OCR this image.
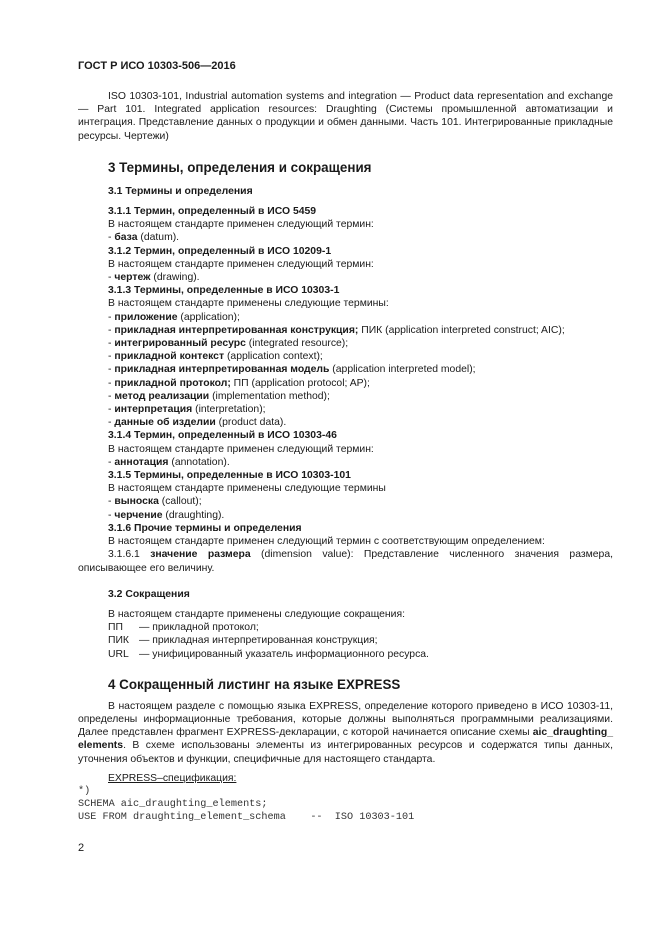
ГОСТ Р ИСО 10303-506—2016

ISO 10303-101, Industrial automation systems and integration — Product data representation and exchange — Part 101. Integrated application resources: Draughting (Системы промышленной автоматизации и интеграция. Представление данных о продукции и обмен данными. Часть 101. Интегрированные прикладные ресурсы. Чертежи)

3 Термины, определения и сокращения
3.1 Термины и определения
3.1.1 Термин, определенный в ИСО 5459
В настоящем стандарте применен следующий термин:
- база (datum).
3.1.2 Термин, определенный в ИСО 10209-1
В настоящем стандарте применен следующий термин:
- чертеж (drawing).
3.1.3 Термины, определенные в ИСО 10303-1
В настоящем стандарте применены следующие термины:
- приложение (application);
- прикладная интерпретированная конструкция; ПИК (application interpreted construct; AIC);
- интегрированный ресурс (integrated resource);
- прикладной контекст (application context);
- прикладная интерпретированная модель (application interpreted model);
- прикладной протокол; ПП (application protocol; AP);
- метод реализации (implementation method);
- интерпретация (interpretation);
- данные об изделии (product data).
3.1.4 Термин, определенный в ИСО 10303-46
В настоящем стандарте применен следующий термин:
- аннотация (annotation).
3.1.5 Термины, определенные в ИСО 10303-101
В настоящем стандарте применены следующие термины
- выноска (callout);
- черчение (draughting).
3.1.6 Прочие термины и определения
В настоящем стандарте применен следующий термин с соответствующим определением:

3.1.6.1 значение размера (dimension value): Представление численного значения размера, описывающее его величину.

3.2 Сокращения
В настоящем стандарте применены следующие сокращения:
ПП	— прикладной протокол;
ПИК — прикладная интерпретированная конструкция;
URL — унифицированный указатель информационного ресурса.
4 Сокращенный листинг на языке EXPRESS

В настоящем разделе с помощью языка EXPRESS, определение которого приведено в ИСО 10303-11, определены информационные требования, которые должны выполняться программными реализациями. Далее представлен фрагмент EXPRESS-декларации, с которой начинается описание схемы aic_draughting_ elements. В схеме использованы элементы из интегрированных ресурсов и содержатся типы данных, уточнения объектов и функции, специфичные для настоящего стандарта.

EXPRESS–спецификация:
*)
SCHEMA aic_draughting_elements;
USE FROM draughting_element_schema    --  ISO 10303-101
2
